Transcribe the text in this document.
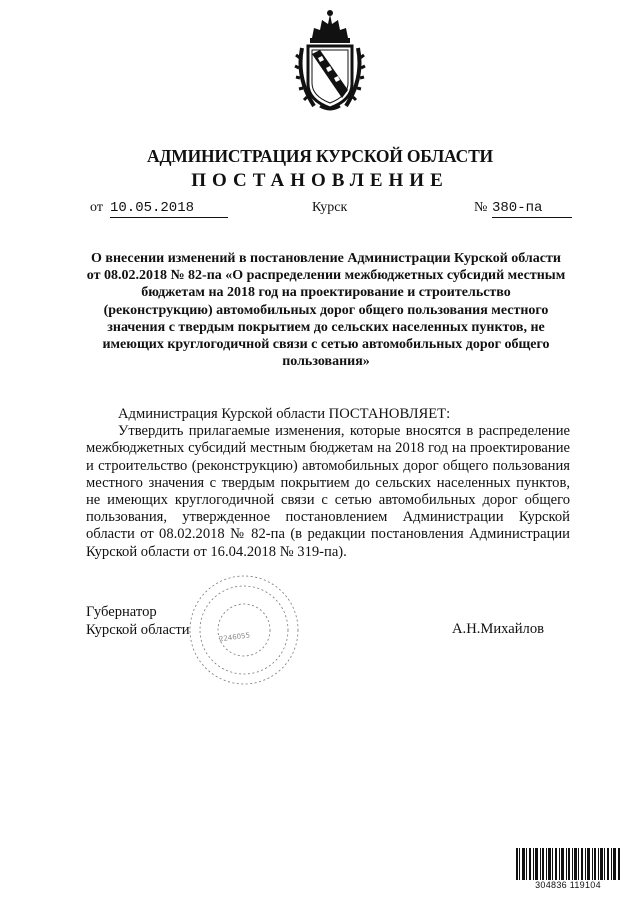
АДМИНИСТРАЦИЯ КУРСКОЙ ОБЛАСТИ
ПОСТАНОВЛЕНИЕ
от 10.05.2018	Курск	№ 380-па
О внесении изменений в постановление Администрации Курской области от 08.02.2018 № 82-па «О распределении межбюджетных субсидий местным бюджетам на 2018 год на проектирование и строительство (реконструкцию) автомобильных дорог общего пользования местного значения с твердым покрытием до сельских населенных пунктов, не имеющих круглогодичной связи с сетью автомобильных дорог общего пользования»

Администрация Курской области ПОСТАНОВЛЯЕТ:

Утвердить прилагаемые изменения, которые вносятся в распределение межбюджетных субсидий местным бюджетам на 2018 год на проектирование и строительство (реконструкцию) автомобильных дорог общего пользования местного значения с твердым покрытием до сельских населенных пунктов, не имеющих круглогодичной связи с сетью автомобильных дорог общего пользования, утвержденное постановлением Администрации Курской области от 08.02.2018 № 82-па (в редакции постановления Администрации Курской области от 16.04.2018 № 319-па).

2246055
Губернатор
Курской области	А.Н.Михайлов
304836 119104
